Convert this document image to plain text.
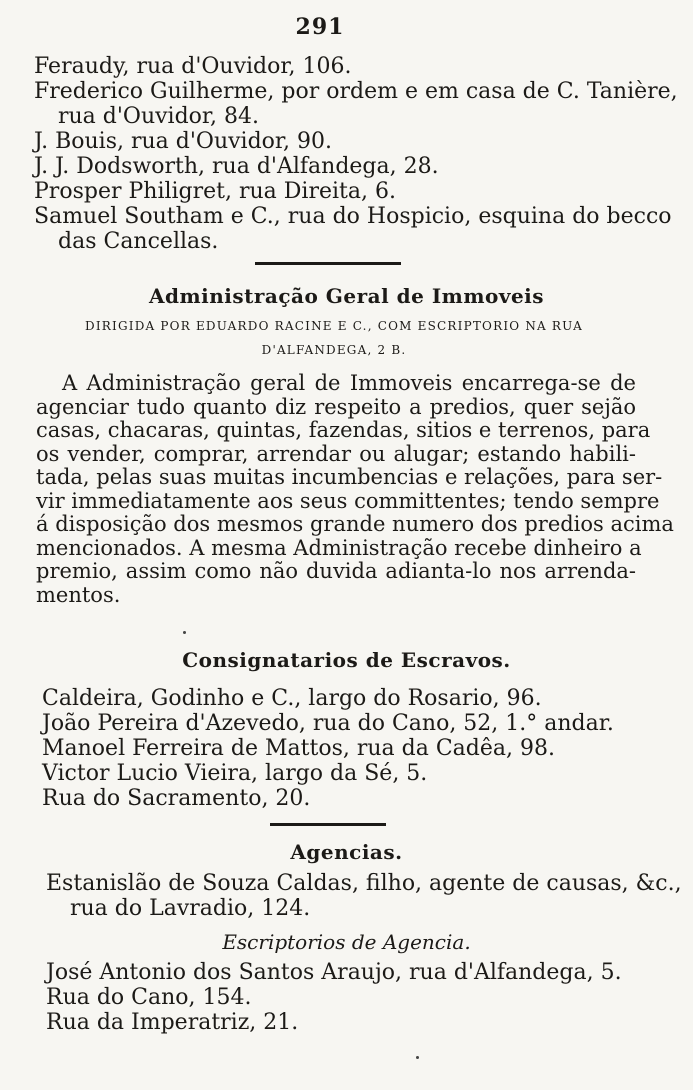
291

Feraudy, rua d'Ouvidor, 106.

Frederico Guilherme, por ordem e em casa de C. Tanière,

rua d'Ouvidor, 84.

J. Bouis, rua d'Ouvidor, 90.

J. J. Dodsworth, rua d'Alfandega, 28.

Prosper Philigret, rua Direita, 6.

Samuel Southam e C., rua do Hospicio, esquina do becco

das Cancellas.

Administração Geral de Immoveis
DIRIGIDA POR EDUARDO RACINE E C., COM ESCRIPTORIO NA RUA
D'ALFANDEGA, 2 B.
A Administração geral de Immoveis encarrega-se de
agenciar tudo quanto diz respeito a predios, quer sejão
casas, chacaras, quintas, fazendas, sitios e terrenos, para
os vender, comprar, arrendar ou alugar; estando habili-
tada, pelas suas muitas incumbencias e relações, para ser-
vir immediatamente aos seus committentes; tendo sempre
á disposição dos mesmos grande numero dos predios acima
mencionados. A mesma Administração recebe dinheiro a
premio, assim como não duvida adianta-lo nos arrenda-
mentos.
Consignatarios de Escravos.

Caldeira, Godinho e C., largo do Rosario, 96.

João Pereira d'Azevedo, rua do Cano, 52, 1.° andar.

Manoel Ferreira de Mattos, rua da Cadêa, 98.

Victor Lucio Vieira, largo da Sé, 5.

Rua do Sacramento, 20.

Agencias.

Estanislão de Souza Caldas, filho, agente de causas, &c.,

rua do Lavradio, 124.

Escriptorios de Agencia.

José Antonio dos Santos Araujo, rua d'Alfandega, 5.

Rua do Cano, 154.

Rua da Imperatriz, 21.
